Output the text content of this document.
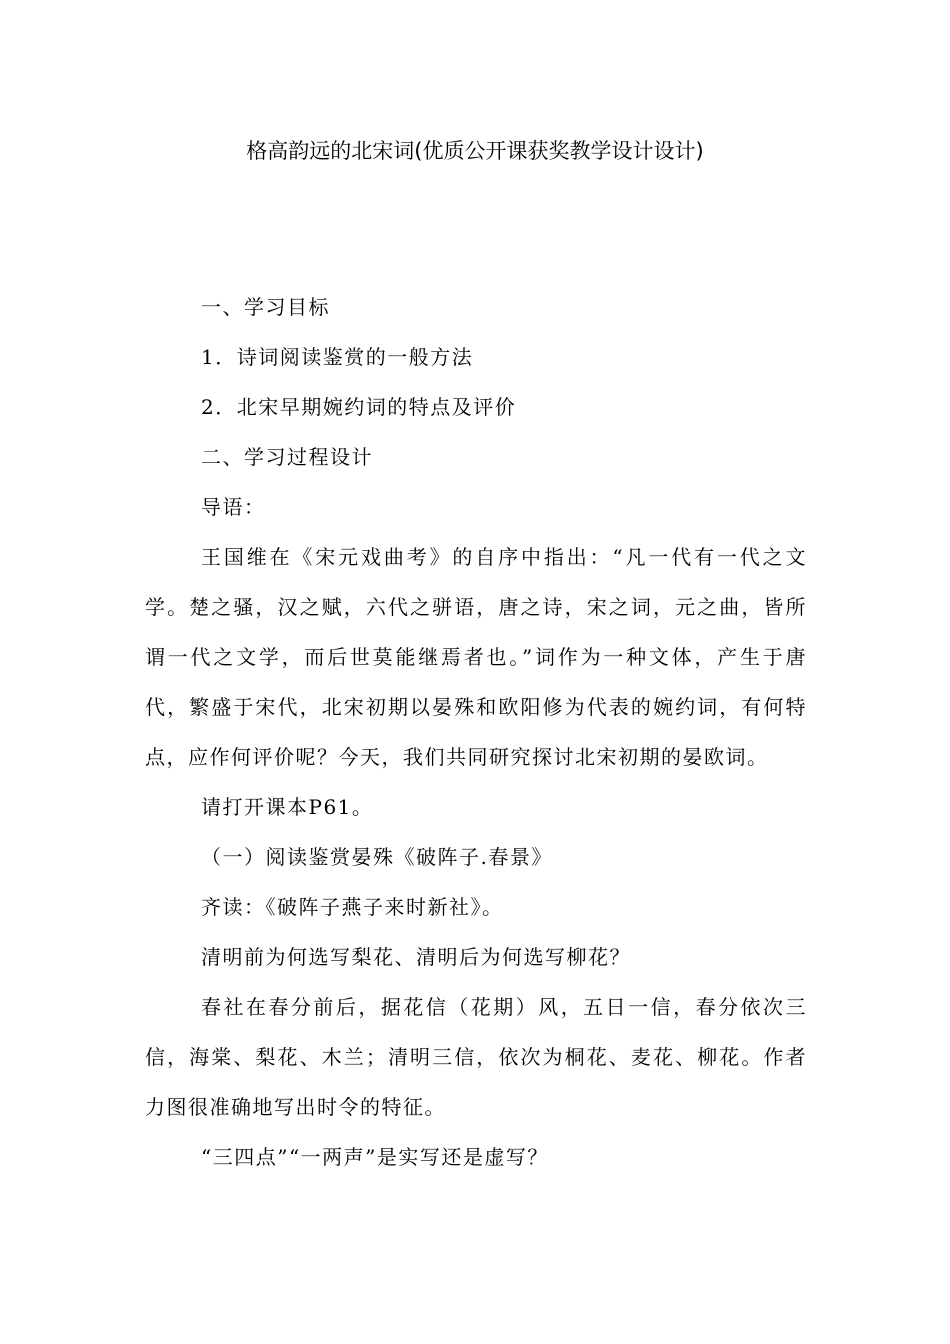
格高韵远的北宋词(优质公开课获奖教学设计设计)

一、学习目标

1．诗词阅读鉴赏的一般方法

2．北宋早期婉约词的特点及评价

二、学习过程设计

导语：

王国维在《宋元戏曲考》的自序中指出：“凡一代有一代之文学。楚之骚，汉之赋，六代之骈语，唐之诗，宋之词，元之曲，皆所谓一代之文学，而后世莫能继焉者也。”词作为一种文体，产生于唐代，繁盛于宋代，北宋初期以晏殊和欧阳修为代表的婉约词，有何特点，应作何评价呢？今天，我们共同研究探讨北宋初期的晏欧词。

请打开课本P61。

（一）阅读鉴赏晏殊《破阵子.春景》

齐读：《破阵子燕子来时新社》。

清明前为何选写梨花、清明后为何选写柳花？

春社在春分前后，据花信（花期）风，五日一信，春分依次三信，海棠、梨花、木兰；清明三信，依次为桐花、麦花、柳花。作者力图很准确地写出时令的特征。

“三四点”“一两声”是实写还是虚写？
